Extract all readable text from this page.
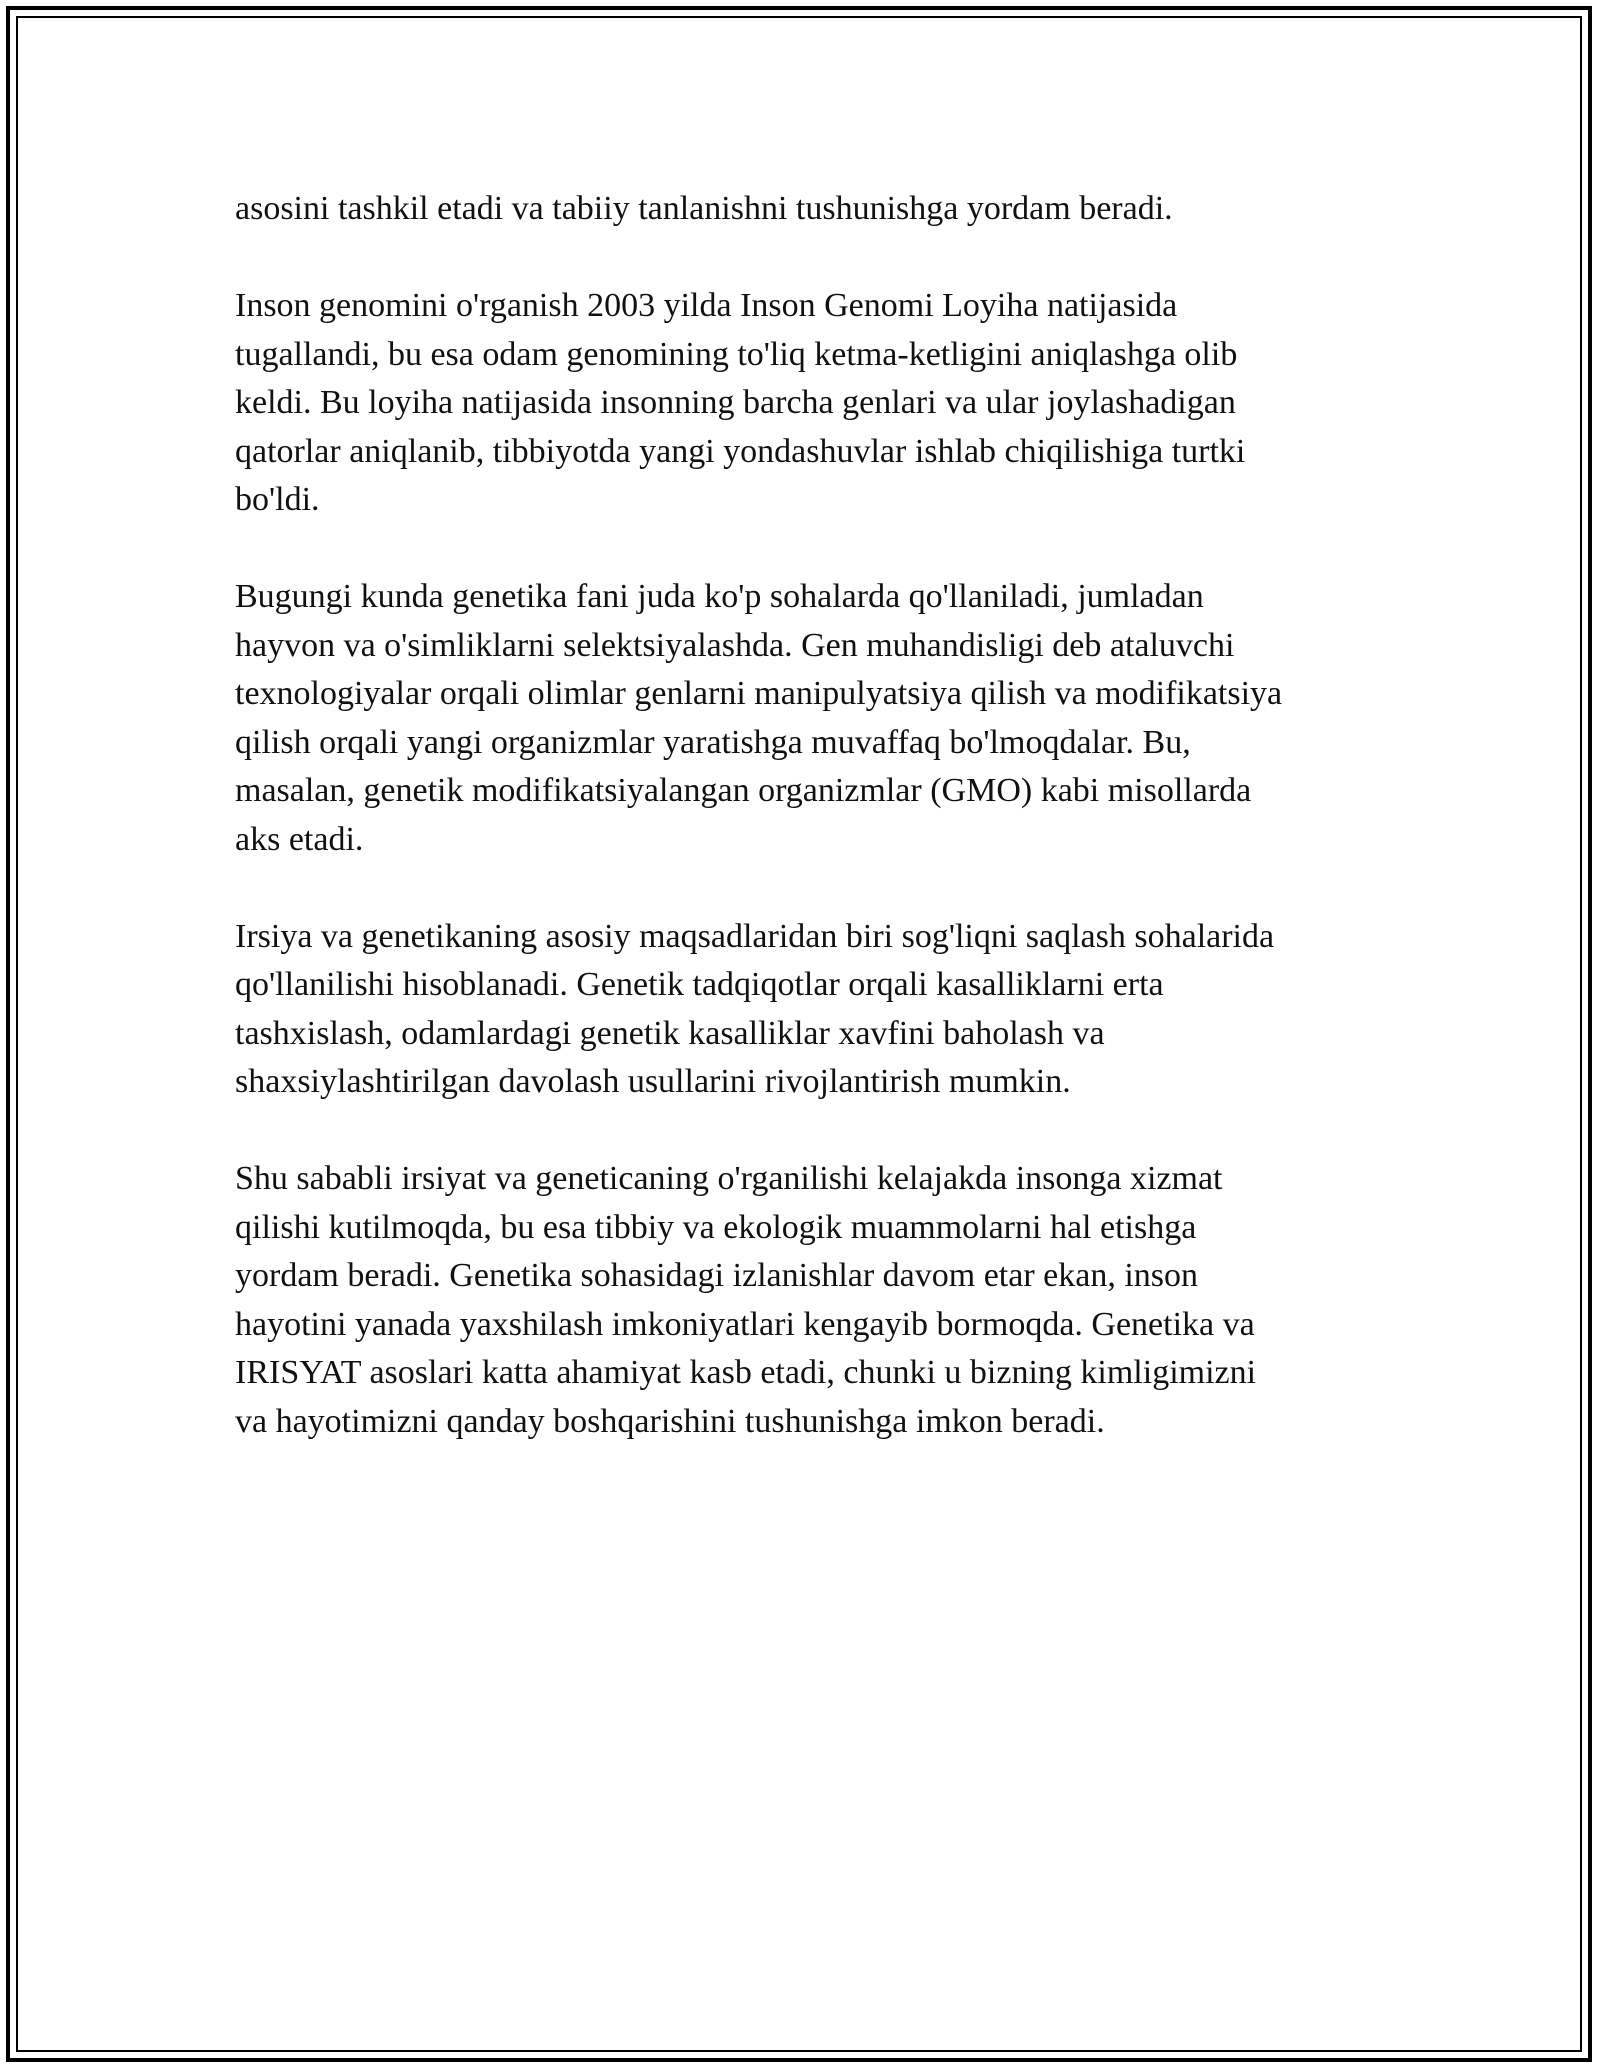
asosini tashkil etadi va tabiiy tanlanishni tushunishga yordam beradi.

Inson genomini o'rganish 2003 yilda Inson Genomi Loyiha natijasida
tugallandi, bu esa odam genomining to'liq ketma-ketligini aniqlashga olib
keldi. Bu loyiha natijasida insonning barcha genlari va ular joylashadigan
qatorlar aniqlanib, tibbiyotda yangi yondashuvlar ishlab chiqilishiga turtki
bo'ldi.

Bugungi kunda genetika fani juda ko'p sohalarda qo'llaniladi, jumladan
hayvon va o'simliklarni selektsiyalashda. Gen muhandisligi deb ataluvchi
texnologiyalar orqali olimlar genlarni manipulyatsiya qilish va modifikatsiya
qilish orqali yangi organizmlar yaratishga muvaffaq bo'lmoqdalar. Bu,
masalan, genetik modifikatsiyalangan organizmlar (GMO) kabi misollarda
aks etadi.

Irsiya va genetikaning asosiy maqsadlaridan biri sog'liqni saqlash sohalarida
qo'llanilishi hisoblanadi. Genetik tadqiqotlar orqali kasalliklarni erta
tashxislash, odamlardagi genetik kasalliklar xavfini baholash va
shaxsiylashtirilgan davolash usullarini rivojlantirish mumkin.

Shu sababli irsiyat va geneticaning o'rganilishi kelajakda insonga xizmat
qilishi kutilmoqda, bu esa tibbiy va ekologik muammolarni hal etishga
yordam beradi. Genetika sohasidagi izlanishlar davom etar ekan, inson
hayotini yanada yaxshilash imkoniyatlari kengayib bormoqda. Genetika va
IRISYAT asoslari katta ahamiyat kasb etadi, chunki u bizning kimligimizni
va hayotimizni qanday boshqarishini tushunishga imkon beradi.
